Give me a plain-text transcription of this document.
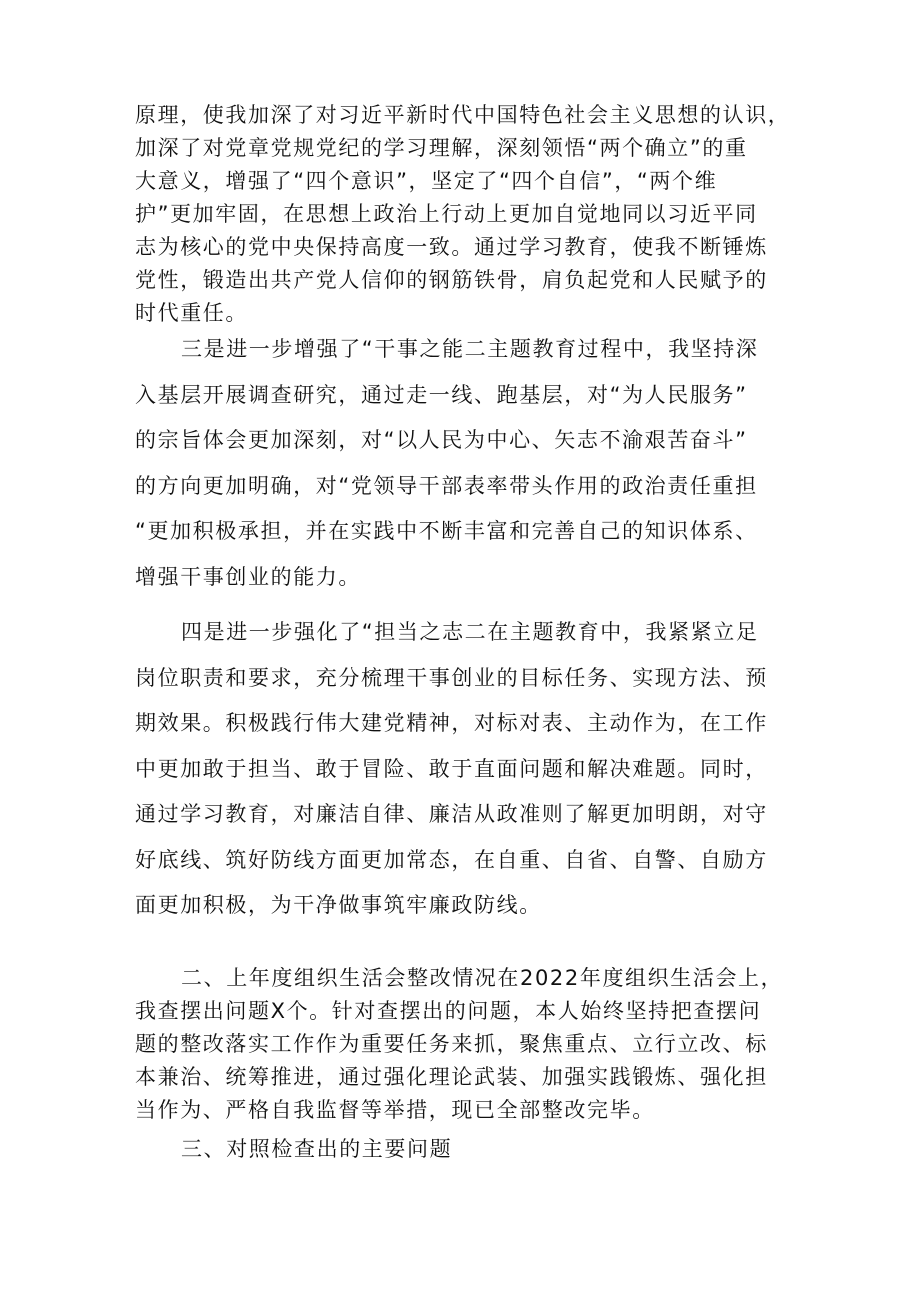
原理，使我加深了对习近平新时代中国特色社会主义思想的认识，
加深了对党章党规党纪的学习理解，深刻领悟“两个确立”的重
大意义，增强了“四个意识”，坚定了“四个自信”，“两个维
护”更加牢固，在思想上政治上行动上更加自觉地同以习近平同
志为核心的党中央保持高度一致。通过学习教育，使我不断锤炼
党性，锻造出共产党人信仰的钢筋铁骨，肩负起党和人民赋予的
时代重任。
三是进一步增强了“干事之能二主题教育过程中，我坚持深
入基层开展调查研究，通过走一线、跑基层，对“为人民服务”
的宗旨体会更加深刻，对“以人民为中心、矢志不渝艰苦奋斗”
的方向更加明确，对“党领导干部表率带头作用的政治责任重担
“更加积极承担，并在实践中不断丰富和完善自己的知识体系、
增强干事创业的能力。
四是进一步强化了“担当之志二在主题教育中，我紧紧立足
岗位职责和要求，充分梳理干事创业的目标任务、实现方法、预
期效果。积极践行伟大建党精神，对标对表、主动作为，在工作
中更加敢于担当、敢于冒险、敢于直面问题和解决难题。同时，
通过学习教育，对廉洁自律、廉洁从政准则了解更加明朗，对守
好底线、筑好防线方面更加常态，在自重、自省、自警、自励方
面更加积极，为干净做事筑牢廉政防线。
二、上年度组织生活会整改情况在2022年度组织生活会上，
我查摆出问题X个。针对查摆出的问题，本人始终坚持把查摆问
题的整改落实工作作为重要任务来抓，聚焦重点、立行立改、标
本兼治、统筹推进，通过强化理论武装、加强实践锻炼、强化担
当作为、严格自我监督等举措，现已全部整改完毕。
三、对照检查出的主要问题
